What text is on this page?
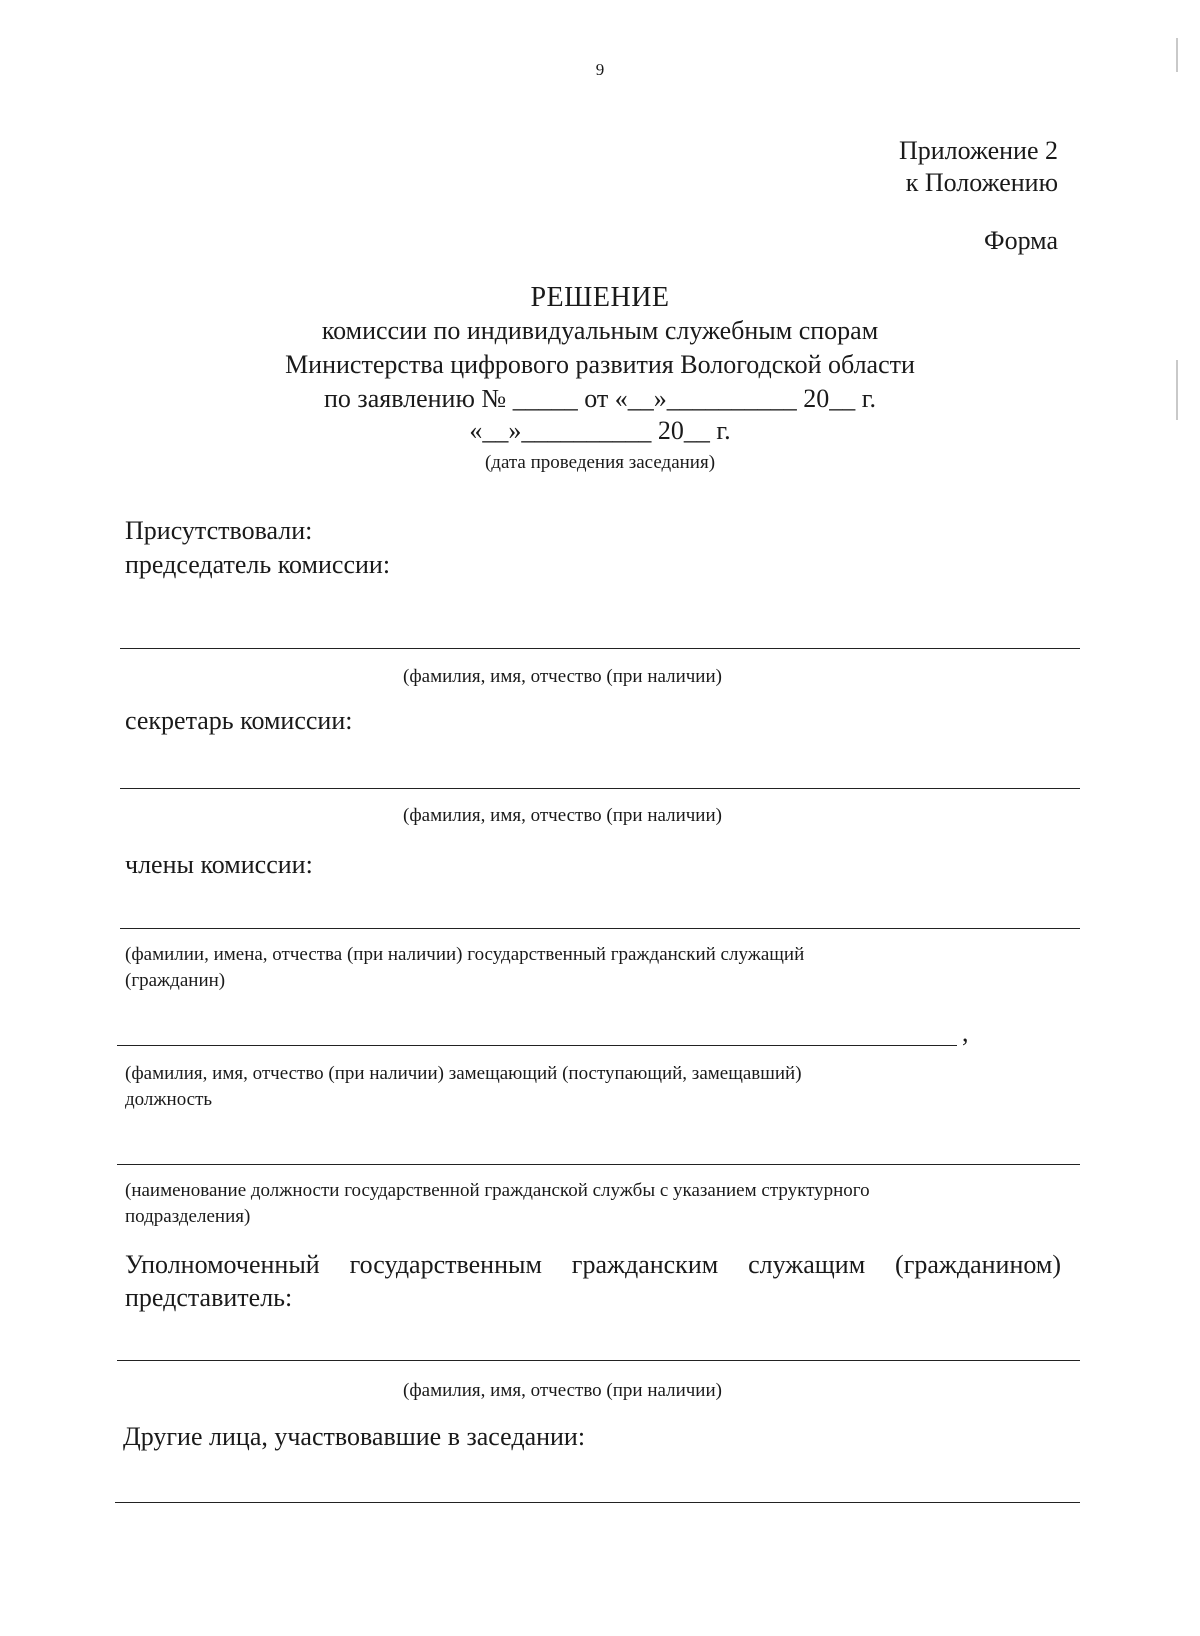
9
Приложение 2
к Положению
Форма
РЕШЕНИЕ
комиссии по индивидуальным служебным спорам
Министерства цифрового развития Вологодской области
по заявлению № _____ от «__»__________ 20__ г.
«__»__________ 20__ г.
(дата проведения заседания)
Присутствовали:
председатель комиссии:
(фамилия, имя, отчество (при наличии)
секретарь комиссии:
(фамилия, имя, отчество (при наличии)
члены комиссии:
(фамилии, имена, отчества (при наличии) государственный гражданский служащий
(гражданин)
,
(фамилия, имя, отчество (при наличии) замещающий (поступающий, замещавший)
должность
(наименование должности государственной гражданской службы с указанием структурного
подразделения)
Уполномоченный государственным гражданским служащим (гражданином)
представитель:
(фамилия, имя, отчество (при наличии)
Другие лица, участвовавшие в заседании:
